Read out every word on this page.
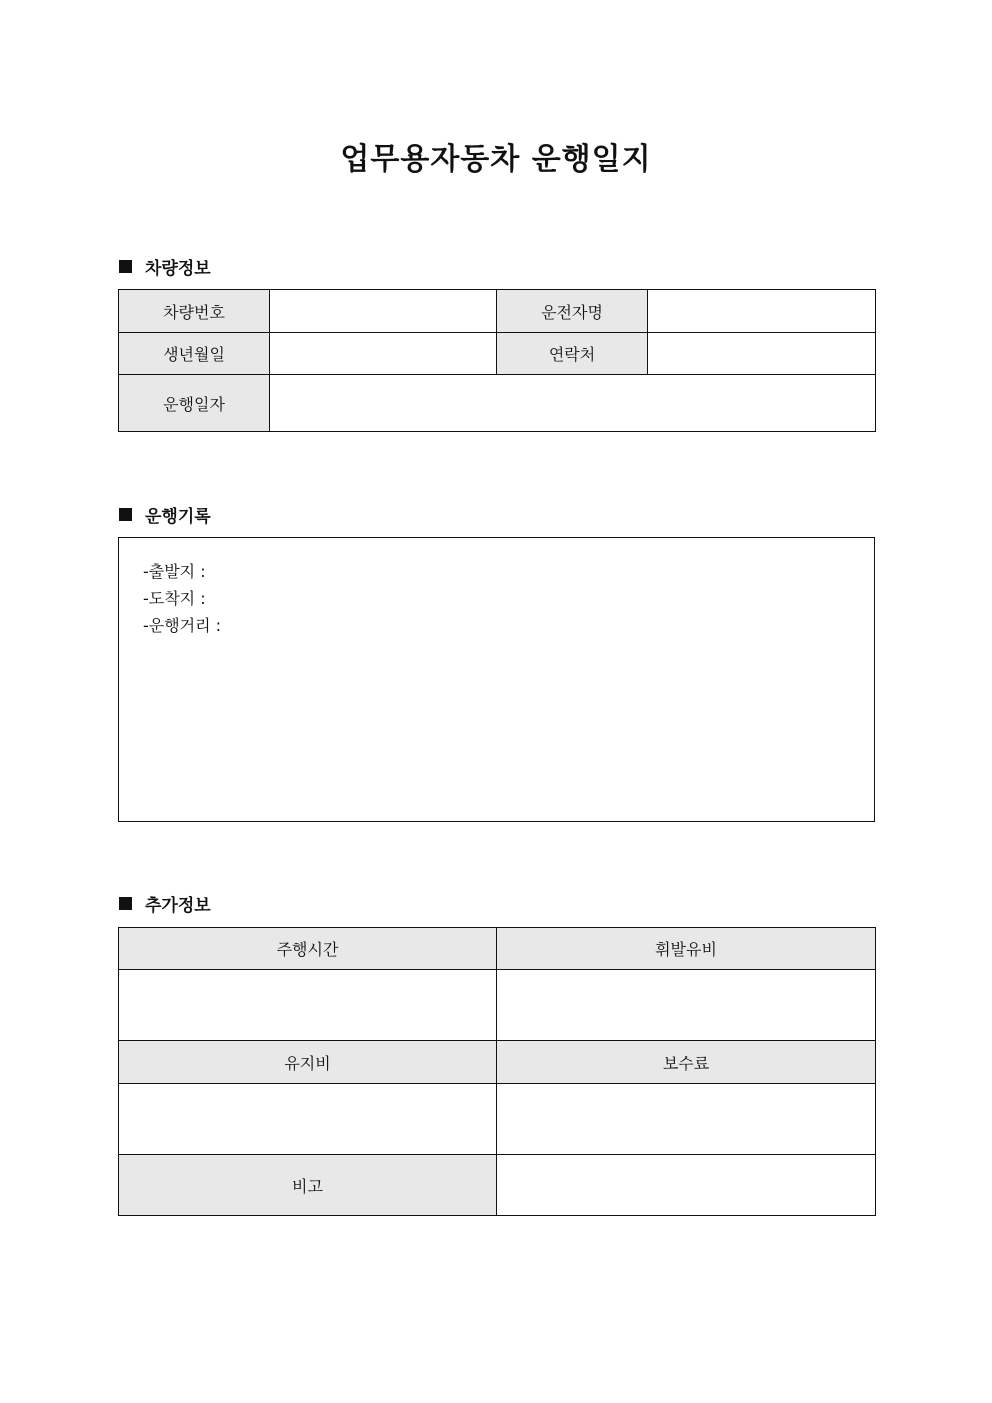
업무용자동차 운행일지
차량정보
차량번호		운전자명	
생년월일		연락처	
운행일자			
운행기록
-출발지 :
-도착지 :
-운행거리 :
추가정보
주행시간	휘발유비

유지비	보수료

비고	
